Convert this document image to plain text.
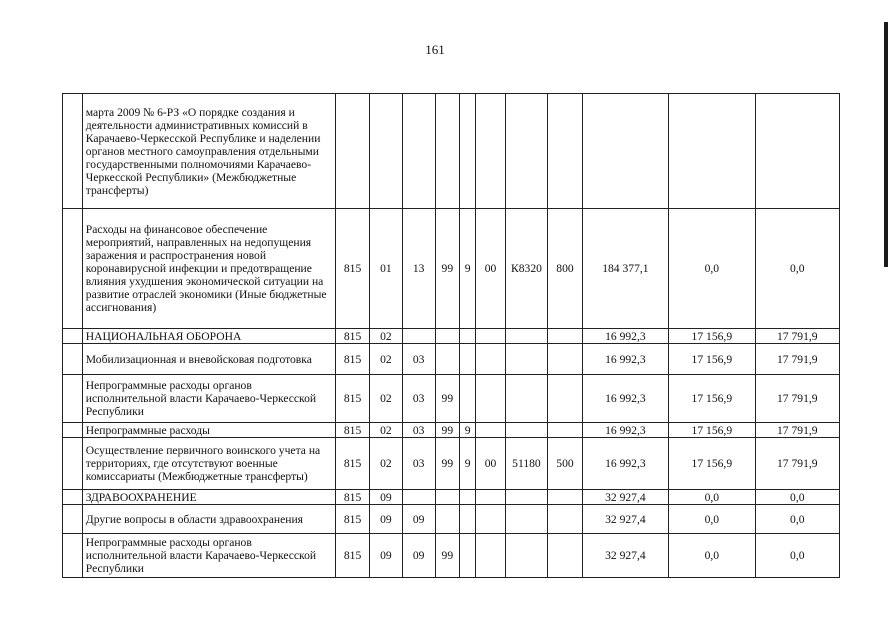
161
	марта 2009 № 6-РЗ «О порядке создания и деятельности административных комиссий в Карачаево-Черкесской Республике и наделении органов местного самоуправления отдельными государственными полномочиями Карачаево-Черкесской Республики» (Межбюджетные трансферты)											
	Расходы на финансовое обеспечение мероприятий, направленных на недопущения заражения и распространения новой коронавирусной инфекции и предотвращение влияния ухудшения экономической ситуации на развитие отраслей экономики (Иные бюджетные ассигнования)	815	01	13	99	9	00	К8320	800	184 377,1	0,0	0,0
	НАЦИОНАЛЬНАЯ ОБОРОНА	815	02							16 992,3	17 156,9	17 791,9
	Мобилизационная и вневойсковая подготовка	815	02	03						16 992,3	17 156,9	17 791,9
	Непрограммные расходы органов исполнительной власти Карачаево-Черкесской Республики	815	02	03	99					16 992,3	17 156,9	17 791,9
	Непрограммные расходы	815	02	03	99	9				16 992,3	17 156,9	17 791,9
	Осуществление первичного воинского учета на территориях, где отсутствуют военные комиссариаты (Межбюджетные трансферты)	815	02	03	99	9	00	51180	500	16 992,3	17 156,9	17 791,9
	ЗДРАВООХРАНЕНИЕ	815	09							32 927,4	0,0	0,0
	Другие вопросы в области здравоохранения	815	09	09						32 927,4	0,0	0,0
	Непрограммные расходы органов исполнительной власти Карачаево-Черкесской Республики	815	09	09	99					32 927,4	0,0	0,0
